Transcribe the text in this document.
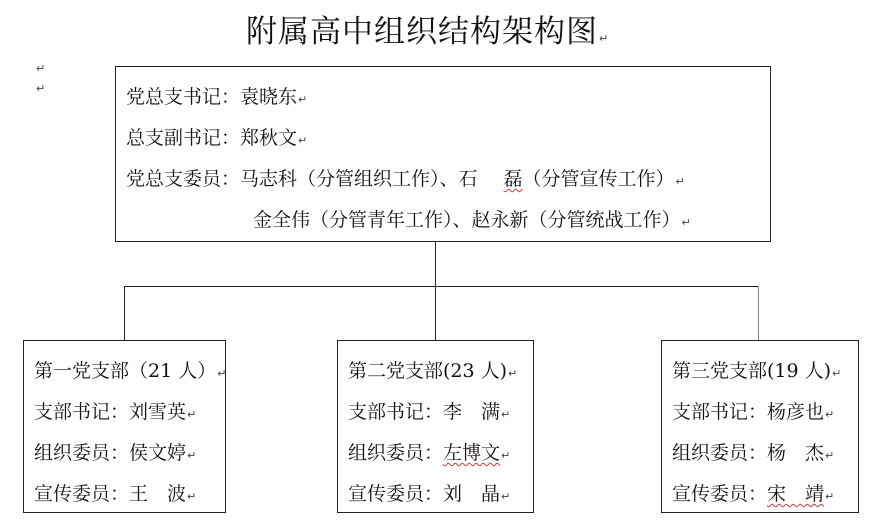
附属高中组织结构架构图↵
↵
↵	党总支书记：袁晓东↵
总支副书记：郑秋文↵
党总支委员：马志科（分管组织工作）、石 磊（分管宣传工作）↵
金全伟（分管青年工作）、赵永新（分管统战工作）↵
第一党支部（21 人）↵
支部书记：刘雪英↵
组织委员：侯文婷↵
宣传委员：王　波↵
第二党支部(23 人)↵
支部书记：李　满↵
组织委员：左博文↵
宣传委员：刘　晶↵
第三党支部(19 人)↵
支部书记：杨彦也↵
组织委员：杨　杰↵
宣传委员：宋　靖↵
